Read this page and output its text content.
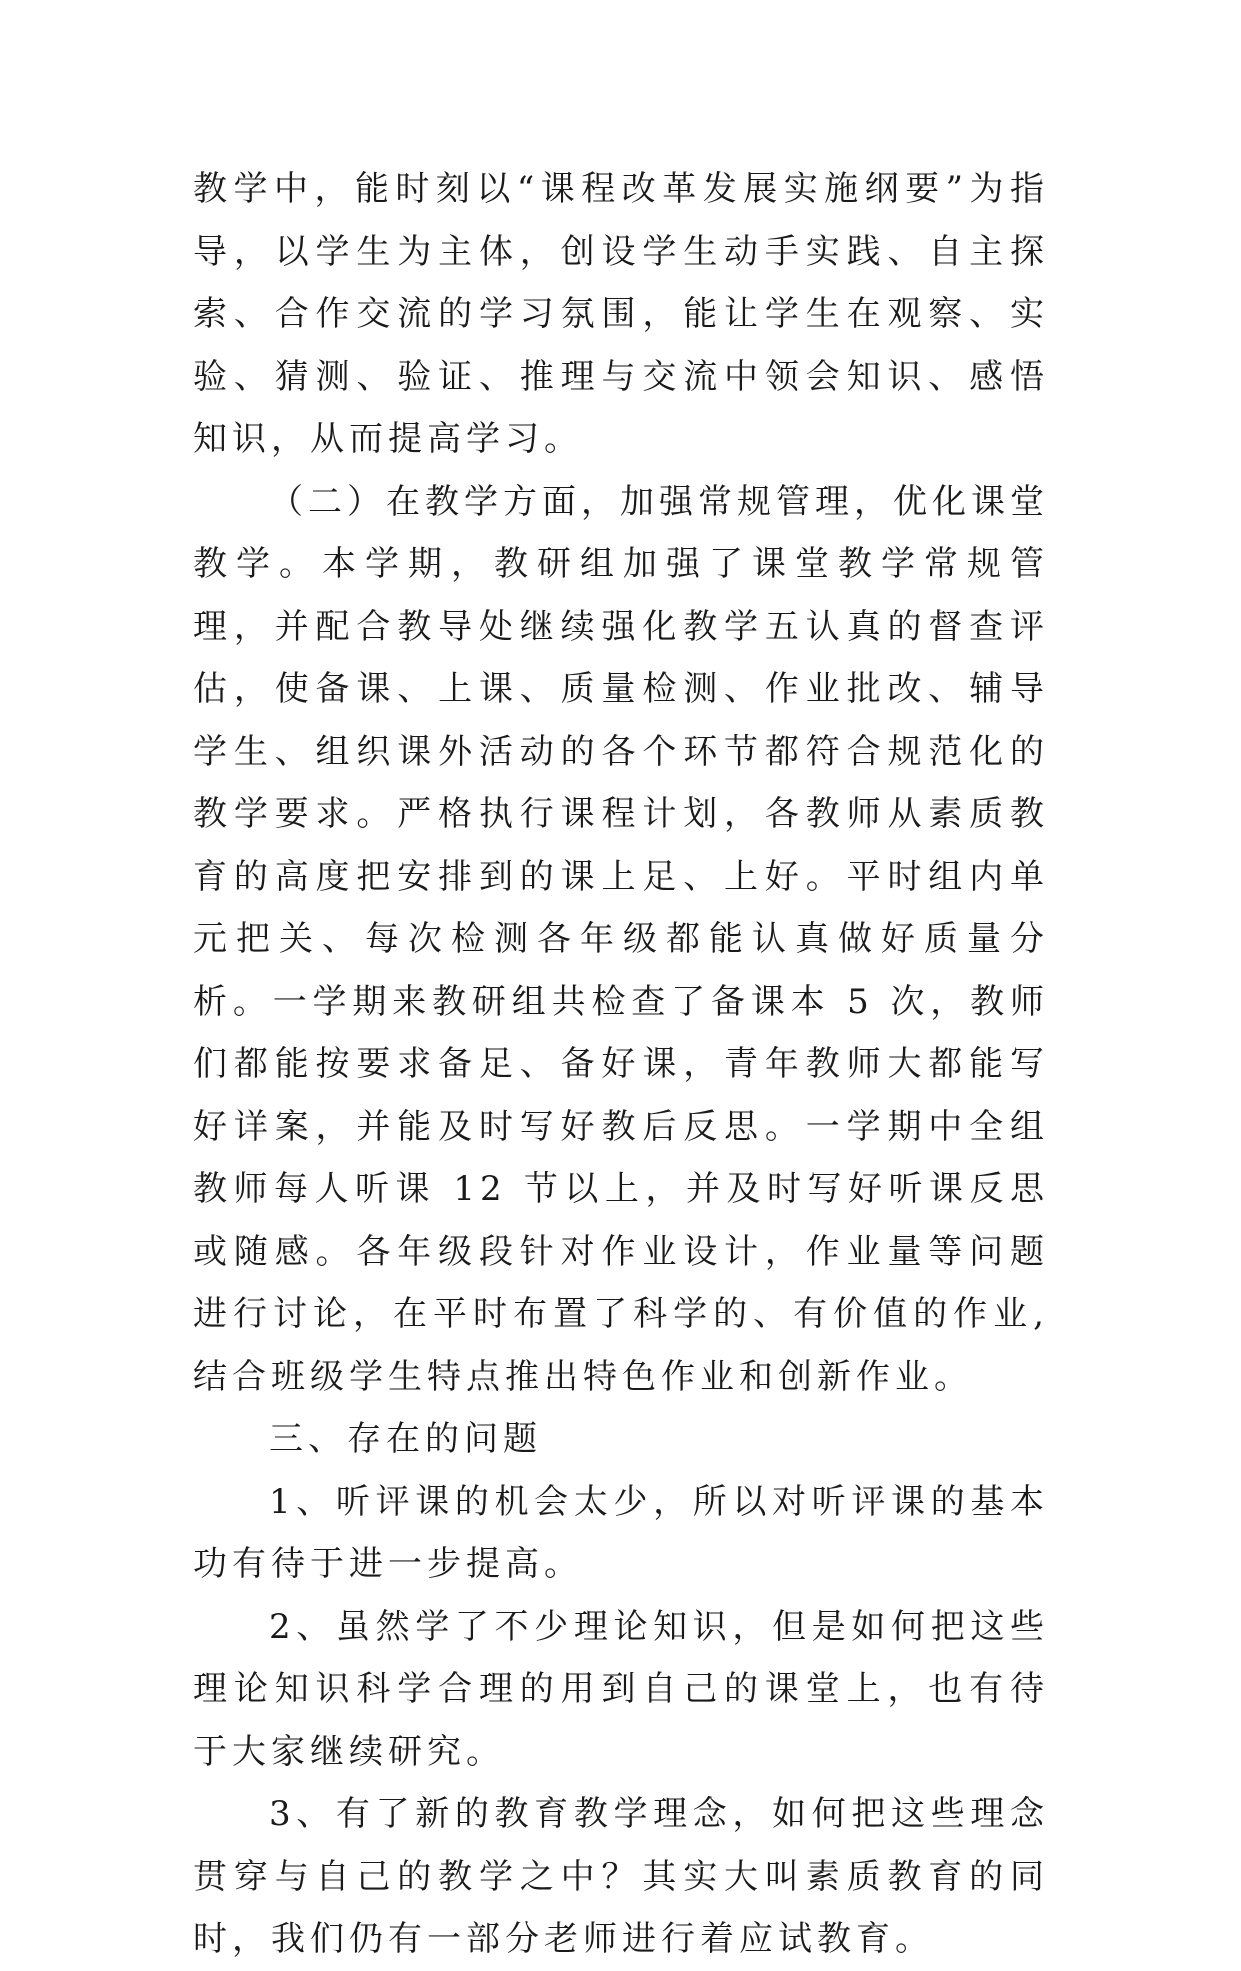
教学中，能时刻以“课程改革发展实施纲要”为指导，以学生为主体，创设学生动手实践、自主探索、合作交流的学习氛围，能让学生在观察、实验、猜测、验证、推理与交流中领会知识、感悟知识，从而提高学习。

（二）在教学方面，加强常规管理，优化课堂教学。本学期，教研组加强了课堂教学常规管理，并配合教导处继续强化教学五认真的督查评估，使备课、上课、质量检测、作业批改、辅导学生、组织课外活动的各个环节都符合规范化的教学要求。严格执行课程计划，各教师从素质教育的高度把安排到的课上足、上好。平时组内单元把关、每次检测各年级都能认真做好质量分析。一学期来教研组共检查了备课本 5 次，教师们都能按要求备足、备好课，青年教师大都能写好详案，并能及时写好教后反思。一学期中全组教师每人听课 12 节以上，并及时写好听课反思或随感。各年级段针对作业设计，作业量等问题进行讨论，在平时布置了科学的、有价值的作业,结合班级学生特点推出特色作业和创新作业。

三、存在的问题

1、听评课的机会太少，所以对听评课的基本功有待于进一步提高。

2、虽然学了不少理论知识，但是如何把这些理论知识科学合理的用到自己的课堂上，也有待于大家继续研究。

3、有了新的教育教学理念，如何把这些理念贯穿与自己的教学之中？其实大叫素质教育的同时，我们仍有一部分老师进行着应试教育。
